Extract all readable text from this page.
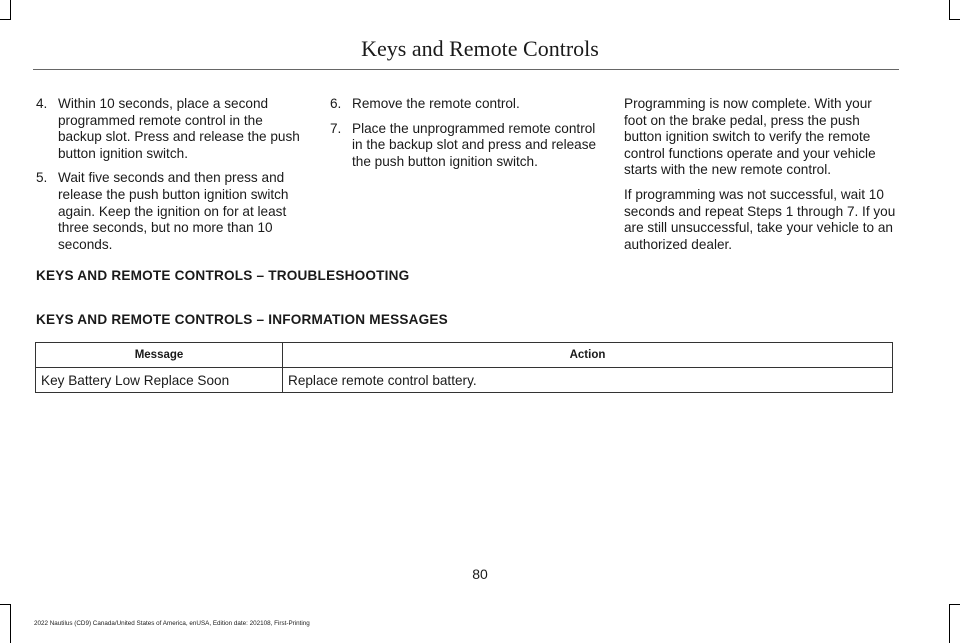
Keys and Remote Controls
4. Within 10 seconds, place a second programmed remote control in the backup slot. Press and release the push button ignition switch.
5. Wait five seconds and then press and release the push button ignition switch again. Keep the ignition on for at least three seconds, but no more than 10 seconds.
6. Remove the remote control.
7. Place the unprogrammed remote control in the backup slot and press and release the push button ignition switch.

Programming is now complete. With your foot on the brake pedal, press the push button ignition switch to verify the remote control functions operate and your vehicle starts with the new remote control.

If programming was not successful, wait 10 seconds and repeat Steps 1 through 7. If you are still unsuccessful, take your vehicle to an authorized dealer.

KEYS AND REMOTE CONTROLS – TROUBLESHOOTING
KEYS AND REMOTE CONTROLS – INFORMATION MESSAGES
Message	Action
Key Battery Low Replace Soon	Replace remote control battery.
80
2022 Nautilus (CD9) Canada/United States of America, enUSA, Edition date: 202108, First-Printing
